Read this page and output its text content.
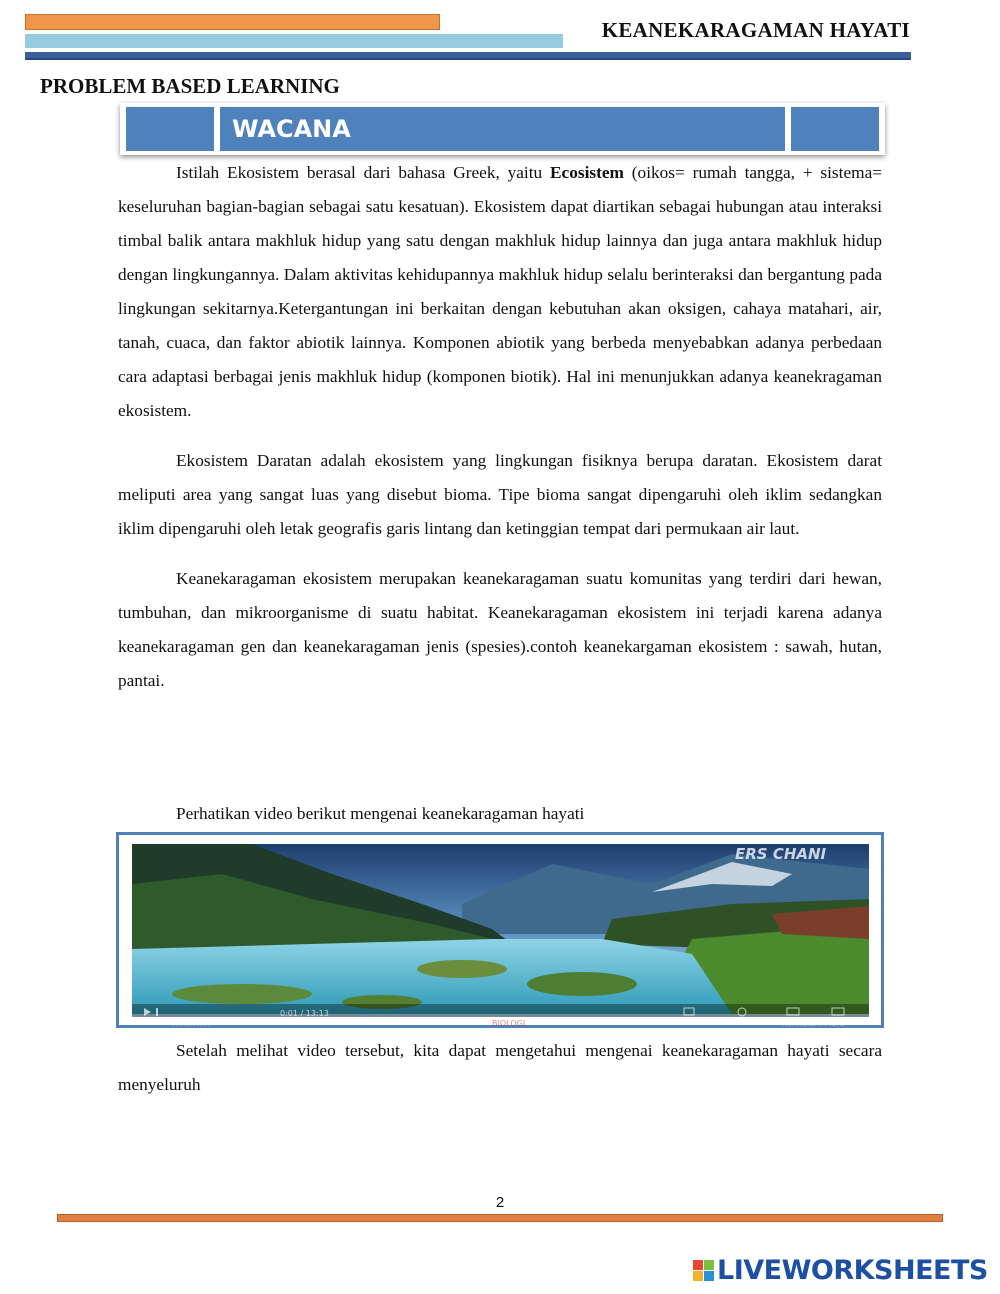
KEANEKARAGAMAN HAYATI
PROBLEM BASED LEARNING
WACANA

Istilah Ekosistem berasal dari bahasa Greek, yaitu Ecosistem (oikos= rumah tangga, + sistema= keseluruhan bagian-bagian sebagai satu kesatuan). Ekosistem dapat diartikan sebagai hubungan atau interaksi timbal balik antara makhluk hidup yang satu dengan makhluk hidup lainnya dan juga antara makhluk hidup dengan lingkungannya. Dalam aktivitas kehidupannya makhluk hidup selalu berinteraksi dan bergantung pada lingkungan sekitarnya.Ketergantungan ini berkaitan dengan kebutuhan akan oksigen, cahaya matahari, air, tanah, cuaca, dan faktor abiotik lainnya. Komponen abiotik yang berbeda menyebabkan adanya perbedaan cara adaptasi berbagai jenis makhluk hidup (komponen biotik). Hal ini menunjukkan adanya keanekragaman ekosistem.

Ekosistem Daratan adalah ekosistem yang lingkungan fisiknya berupa daratan. Ekosistem darat meliputi area yang sangat luas yang disebut bioma. Tipe bioma sangat dipengaruhi oleh iklim sedangkan iklim dipengaruhi oleh letak geografis garis lintang dan ketinggian tempat dari permukaan air laut.

Keanekaragaman ekosistem merupakan keanekaragaman suatu komunitas yang terdiri dari hewan, tumbuhan, dan mikroorganisme di suatu habitat. Keanekaragaman ekosistem ini terjadi karena adanya keanekaragaman gen dan keanekaragaman jenis (spesies).contoh keanekargaman ekosistem : sawah, hutan, pantai.

Perhatikan video berikut mengenai keanekaragaman hayati
ERS CHANI
0:01 / 13:13
X-MIA-IPA	BIOLOGI	Kurikulum Merd

Setelah melihat video tersebut, kita dapat mengetahui mengenai keanekaragaman hayati secara menyeluruh

2
LIVEWORKSHEETS
